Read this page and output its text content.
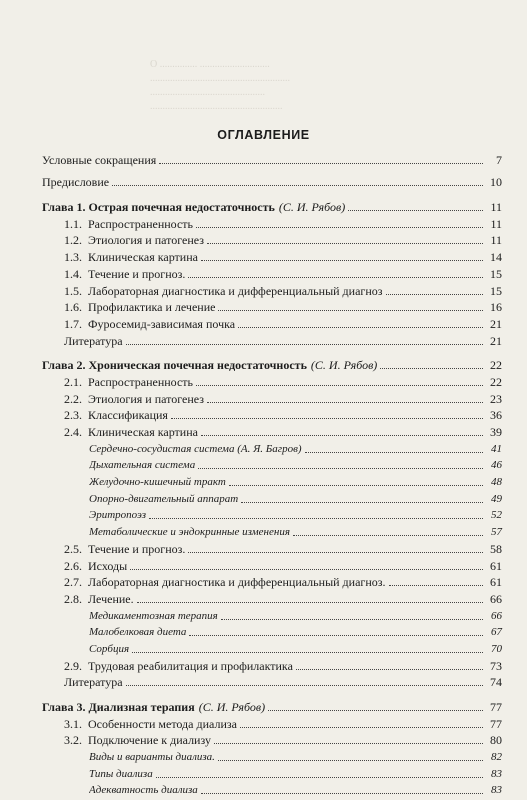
О ............... ............................
........................................................
..............................................
.....................................................
ОГЛАВЛЕНИЕ
Условные сокращения	7
Предисловие	10
Глава 1. Острая почечная недостаточность (С. И. Рябов)	11
1.1. Распространенность	11
1.2. Этиология и патогенез	11
1.3. Клиническая картина	14
1.4. Течение и прогноз.	15
1.5. Лабораторная диагностика и дифференциальный диагноз	15
1.6. Профилактика и лечение	16
1.7. Фуросемид-зависимая почка	21
Литература	21
Глава 2. Хроническая почечная недостаточность (С. И. Рябов)	22
2.1. Распространенность	22
2.2. Этиология и патогенез	23
2.3. Классификация	36
2.4. Клиническая картина	39
Сердечно-сосудистая система (А. Я. Багров)	41
Дыхательная система	46
Желудочно-кишечный тракт	48
Опорно-двигательный аппарат	49
Эритропоэз	52
Метаболические и эндокринные изменения	57
2.5. Течение и прогноз.	58
2.6. Исходы	61
2.7. Лабораторная диагностика и дифференциальный диагноз.	61
2.8. Лечение.	66
Медикаментозная терапия	66
Малобелковая диета	67
Сорбция	70
2.9. Трудовая реабилитация и профилактика	73
Литература	74
Глава 3. Диализная терапия (С. И. Рябов)	77
3.1. Особенности метода диализа	77
3.2. Подключение к диализу	80
Виды и варианты диализа.	82
Типы диализа	83
Адекватность диализа	83
